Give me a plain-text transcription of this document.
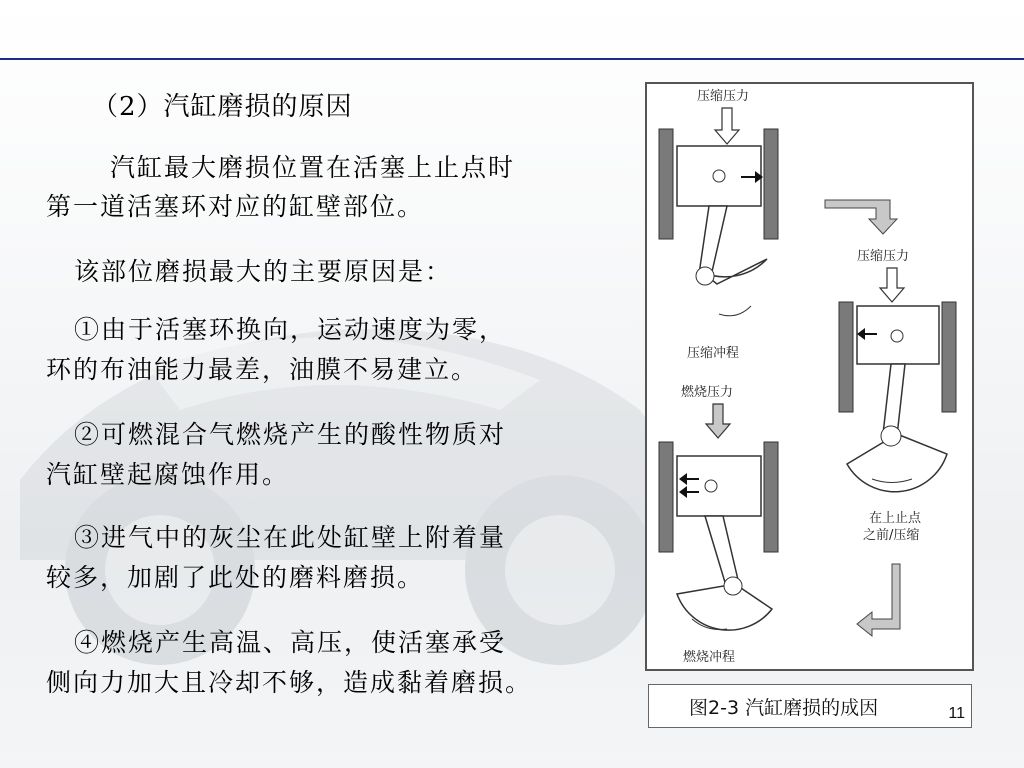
（2）汽缸磨损的原因
汽缸最大磨损位置在活塞上止点时
第一道活塞环对应的缸壁部位。
该部位磨损最大的主要原因是：
①由于活塞环换向，运动速度为零，
环的布油能力最差，油膜不易建立。
②可燃混合气燃烧产生的酸性物质对
汽缸壁起腐蚀作用。
③进气中的灰尘在此处缸壁上附着量
较多，加剧了此处的磨料磨损。
④燃烧产生高温、高压，使活塞承受
侧向力加大且冷却不够，造成黏着磨损。
压缩压力
压缩冲程
压缩压力
在上止点
之前/压缩
燃烧压力
燃烧冲程
图2-3 汽缸磨损的成因	11
